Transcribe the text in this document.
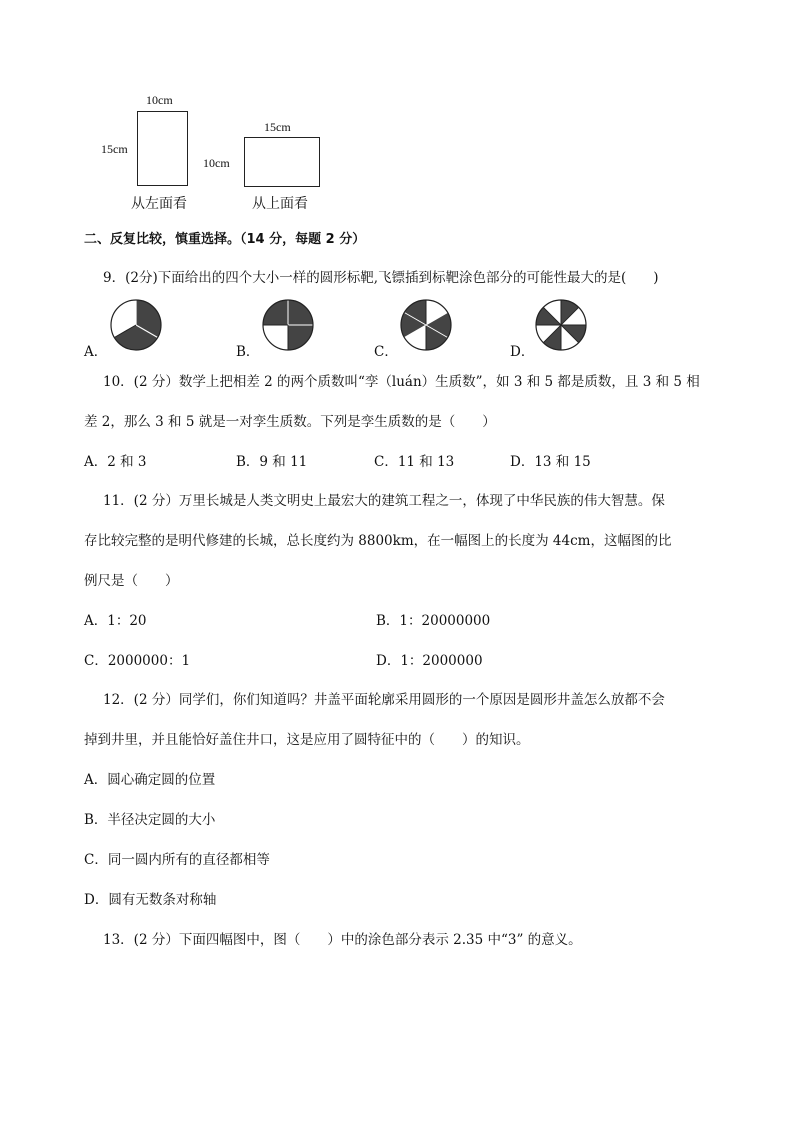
10cm
15cm
从左面看
15cm
10cm
从上面看
二、反复比较，慎重选择。（14 分，每题 2 分）
9．(2分)下面给出的四个大小一样的圆形标靶,飞镖插到标靶涂色部分的可能性最大的是(　　)
A．	B．	C．	D．
10．(2 分）数学上把相差 2 的两个质数叫“孪（luán）生质数”，如 3 和 5 都是质数，且 3 和 5 相
差 2，那么 3 和 5 就是一对孪生质数。下列是孪生质数的是（　　）
A．2 和 3	B．9 和 11	C．11 和 13	D．13 和 15
11．(2 分）万里长城是人类文明史上最宏大的建筑工程之一，体现了中华民族的伟大智慧。保
存比较完整的是明代修建的长城，总长度约为 8800km，在一幅图上的长度为 44cm，这幅图的比
例尺是（　　）
A．1：20	B．1：20000000
C．2000000：1	D．1：2000000
12．(2 分）同学们，你们知道吗？井盖平面轮廓采用圆形的一个原因是圆形井盖怎么放都不会
掉到井里，并且能恰好盖住井口，这是应用了圆特征中的（　　）的知识。
A．圆心确定圆的位置
B．半径决定圆的大小
C．同一圆内所有的直径都相等
D．圆有无数条对称轴
13．(2 分）下面四幅图中，图（　　）中的涂色部分表示 2.35 中“3” 的意义。
